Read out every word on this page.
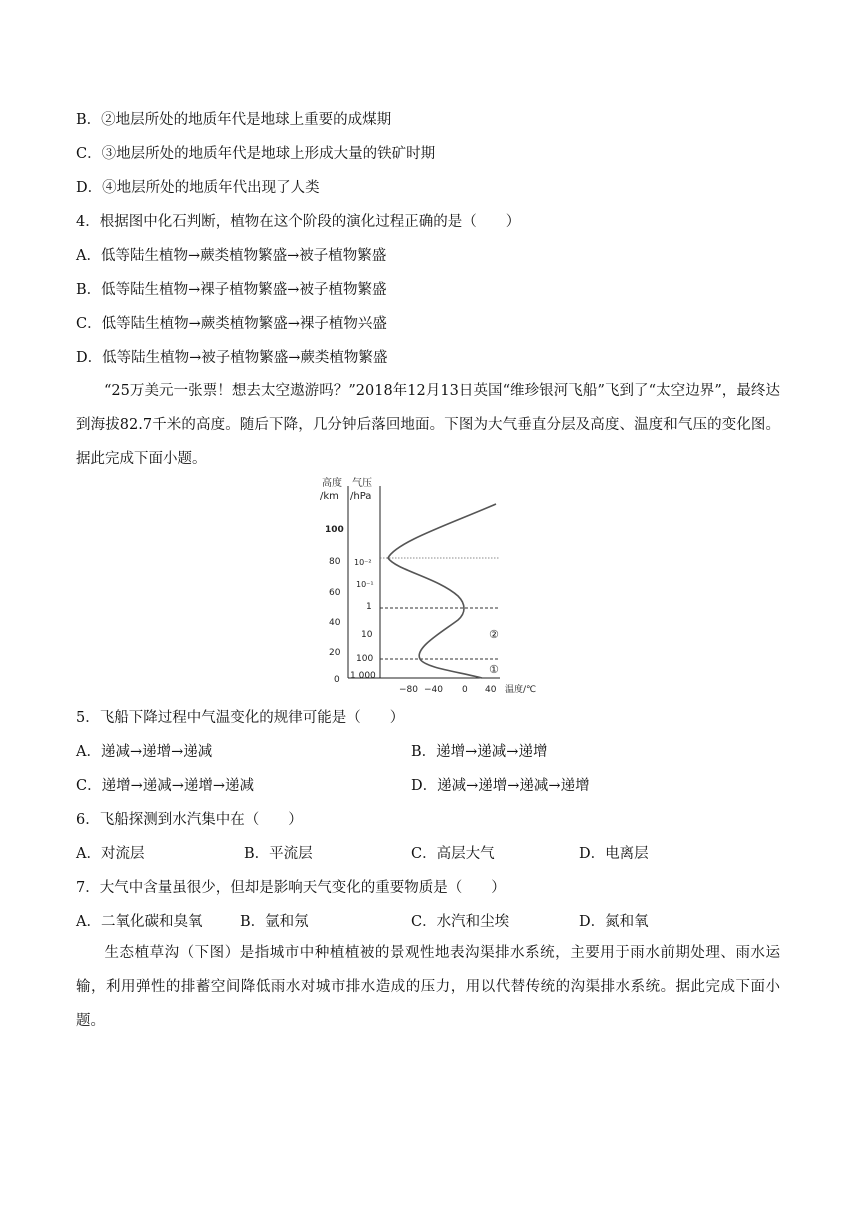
B．②地层所处的地质年代是地球上重要的成煤期
C．③地层所处的地质年代是地球上形成大量的铁矿时期
D．④地层所处的地质年代出现了人类
4．根据图中化石判断，植物在这个阶段的演化过程正确的是（　　）
A．低等陆生植物→蕨类植物繁盛→被子植物繁盛
B．低等陆生植物→裸子植物繁盛→被子植物繁盛
C．低等陆生植物→蕨类植物繁盛→裸子植物兴盛
D．低等陆生植物→被子植物繁盛→蕨类植物繁盛
“25万美元一张票！想去太空遨游吗？”2018年12月13日英国“维珍银河飞船”飞到了“太空边界”，最终达到海拔82.7千米的高度。随后下降，几分钟后落回地面。下图为大气垂直分层及高度、温度和气压的变化图。据此完成下面小题。
高度
/km
气压
/hPa
100
80
60
40
20
0
10⁻²
10⁻¹
1
10
100
1 000
②
①
−80 −40 0 40 温度/℃
5．飞船下降过程中气温变化的规律可能是（　　）
A．递减→递增→递减	B．递增→递减→递增
C．递增→递减→递增→递减	D．递减→递增→递减→递增
6．飞船探测到水汽集中在（　　）
A．对流层	B．平流层	C．高层大气	D．电离层
7．大气中含量虽很少，但却是影响天气变化的重要物质是（　　）
A．二氧化碳和臭氧	B．氩和氖	C．水汽和尘埃	D．氮和氧
生态植草沟（下图）是指城市中种植植被的景观性地表沟渠排水系统，主要用于雨水前期处理、雨水运输，利用弹性的排蓄空间降低雨水对城市排水造成的压力，用以代替传统的沟渠排水系统。据此完成下面小题。
